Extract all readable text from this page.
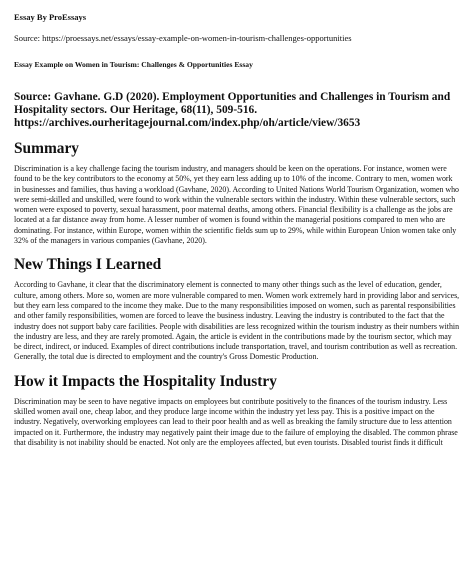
Essay By ProEssays

Source: https://proessays.net/essays/essay-example-on-women-in-tourism-challenges-opportunities

Essay Example on Women in Tourism: Challenges & Opportunities Essay

Source: Gavhane. G.D (2020). Employment Opportunities and Challenges in Tourism and Hospitality sectors. Our Heritage, 68(11), 509-516. https://archives.ourheritagejournal.com/index.php/oh/article/view/3653

Summary

Discrimination is a key challenge facing the tourism industry, and managers should be keen on the operations. For instance, women were found to be the key contributors to the economy at 50%, yet they earn less adding up to 10% of the income. Contrary to men, women work in businesses and families, thus having a workload (Gavhane, 2020). According to United Nations World Tourism Organization, women who were semi-skilled and unskilled, were found to work within the vulnerable sectors within the industry. Within these vulnerable sectors, such women were exposed to poverty, sexual harassment, poor maternal deaths, among others. Financial flexibility is a challenge as the jobs are located at a far distance away from home. A lesser number of women is found within the managerial positions compared to men who are dominating. For instance, within Europe, women within the scientific fields sum up to 29%, while within European Union women take only 32% of the managers in various companies (Gavhane, 2020).

New Things I Learned

According to Gavhane, it clear that the discriminatory element is connected to many other things such as the level of education, gender, culture, among others. More so, women are more vulnerable compared to men. Women work extremely hard in providing labor and services, but they earn less compared to the income they make. Due to the many responsibilities imposed on women, such as parental responsibilities and other family responsibilities, women are forced to leave the business industry. Leaving the industry is contributed to the fact that the industry does not support baby care facilities. People with disabilities are less recognized within the tourism industry as their numbers within the industry are less, and they are rarely promoted. Again, the article is evident in the contributions made by the tourism sector, which may be direct, indirect, or induced. Examples of direct contributions include transportation, travel, and tourism contribution as well as recreation. Generally, the total due is directed to employment and the country's Gross Domestic Production.

How it Impacts the Hospitality Industry

Discrimination may be seen to have negative impacts on employees but contribute positively to the finances of the tourism industry. Less skilled women avail one, cheap labor, and they produce large income within the industry yet less pay. This is a positive impact on the industry. Negatively, overworking employees can lead to their poor health and as well as breaking the family structure due to less attention impacted on it. Furthermore, the industry may negatively paint their image due to the failure of employing the disabled. The common phrase that disability is not inability should be enacted. Not only are the employees affected, but even tourists. Disabled tourist finds it difficult
